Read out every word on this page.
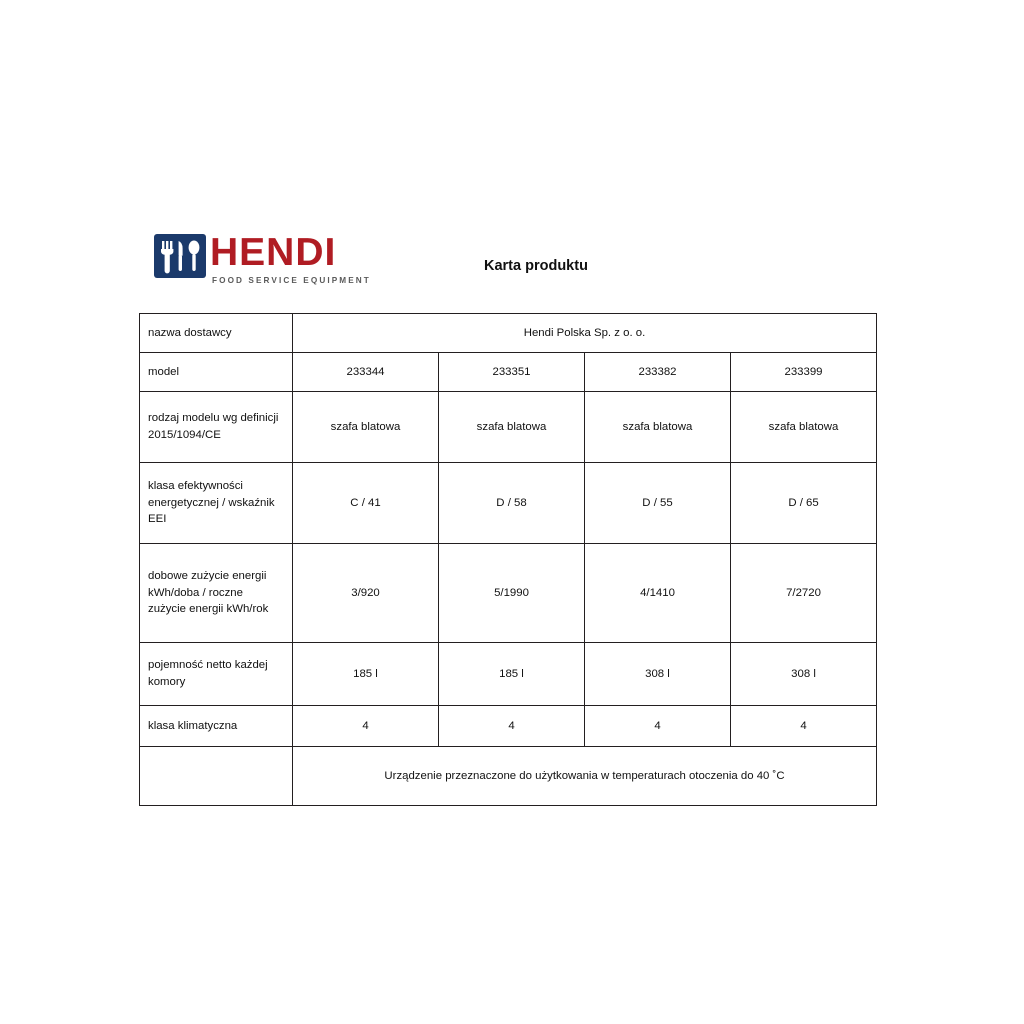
HENDI
FOOD SERVICE EQUIPMENT
Karta produktu
nazwa dostawcy	Hendi Polska Sp. z o. o.			
model	233344	233351	233382	233399
rodzaj modelu wg definicji 2015/1094/CE	szafa blatowa	szafa blatowa	szafa blatowa	szafa blatowa
klasa efektywności energetycznej / wskaźnik EEI	C / 41	D / 58	D / 55	D / 65
dobowe zużycie energii kWh/doba / roczne zużycie energii kWh/rok	3/920	5/1990	4/1410	7/2720
pojemność netto każdej komory	185 l	185 l	308 l	308 l
klasa klimatyczna	4	4	4	4
	Urządzenie przeznaczone do użytkowania w temperaturach otoczenia do 40 ˚C			
